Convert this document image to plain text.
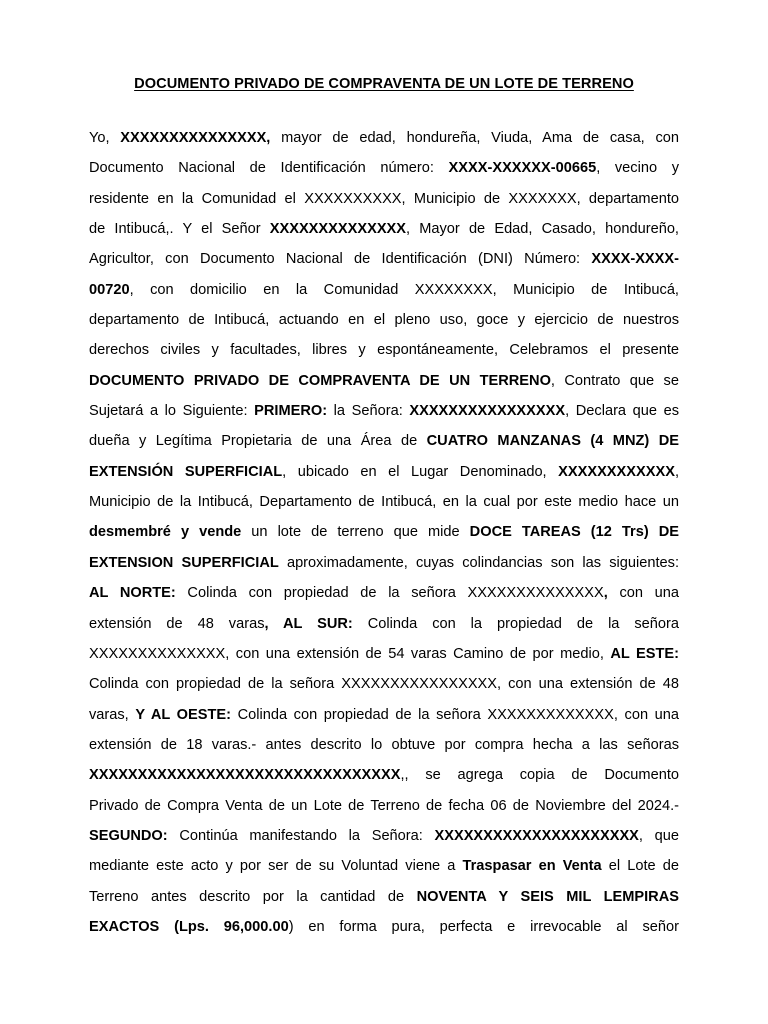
DOCUMENTO PRIVADO DE COMPRAVENTA DE UN LOTE DE TERRENO
Yo, XXXXXXXXXXXXXXX, mayor de edad, hondureña, Viuda, Ama de casa, con
Documento Nacional de Identificación número: XXXX-XXXXXX-00665, vecino y
residente en la Comunidad el XXXXXXXXXX, Municipio de XXXXXXX, departamento
de Intibucá,. Y el Señor XXXXXXXXXXXXXX, Mayor de Edad, Casado, hondureño,
Agricultor, con Documento Nacional de Identificación (DNI) Número: XXXX-XXXX-
00720, con domicilio en la Comunidad XXXXXXXX, Municipio de Intibucá,
departamento de Intibucá, actuando en el pleno uso, goce y ejercicio de nuestros
derechos civiles y facultades, libres y espontáneamente, Celebramos el presente
DOCUMENTO PRIVADO DE COMPRAVENTA DE UN TERRENO, Contrato que se
Sujetará a lo Siguiente: PRIMERO: la Señora: XXXXXXXXXXXXXXXX, Declara que es
dueña y Legítima Propietaria de una Área de CUATRO MANZANAS (4 MNZ) DE
EXTENSIÓN SUPERFICIAL, ubicado en el Lugar Denominado, XXXXXXXXXXXX,
Municipio de la Intibucá, Departamento de Intibucá, en la cual por este medio hace un
desmembré y vende un lote de terreno que mide DOCE TAREAS (12 Trs) DE
EXTENSION SUPERFICIAL aproximadamente, cuyas colindancias son las siguientes:
AL NORTE: Colinda con propiedad de la señora XXXXXXXXXXXXXX, con una
extensión de 48 varas, AL SUR: Colinda con la propiedad de la señora
XXXXXXXXXXXXXX, con una extensión de 54 varas Camino de por medio, AL ESTE:
Colinda con propiedad de la señora XXXXXXXXXXXXXXXX, con una extensión de 48
varas, Y AL OESTE: Colinda con propiedad de la señora XXXXXXXXXXXXX, con una
extensión de 18 varas.- antes descrito lo obtuve por compra hecha a las señoras
XXXXXXXXXXXXXXXXXXXXXXXXXXXXXXXX,, se agrega copia de Documento
Privado de Compra Venta de un Lote de Terreno de fecha 06 de Noviembre del 2024.-
SEGUNDO: Continúa manifestando la Señora: XXXXXXXXXXXXXXXXXXXXX, que
mediante este acto y por ser de su Voluntad viene a Traspasar en Venta el Lote de
Terreno antes descrito por la cantidad de NOVENTA Y SEIS MIL LEMPIRAS
EXACTOS (Lps. 96,000.00) en forma pura, perfecta e irrevocable al señor
